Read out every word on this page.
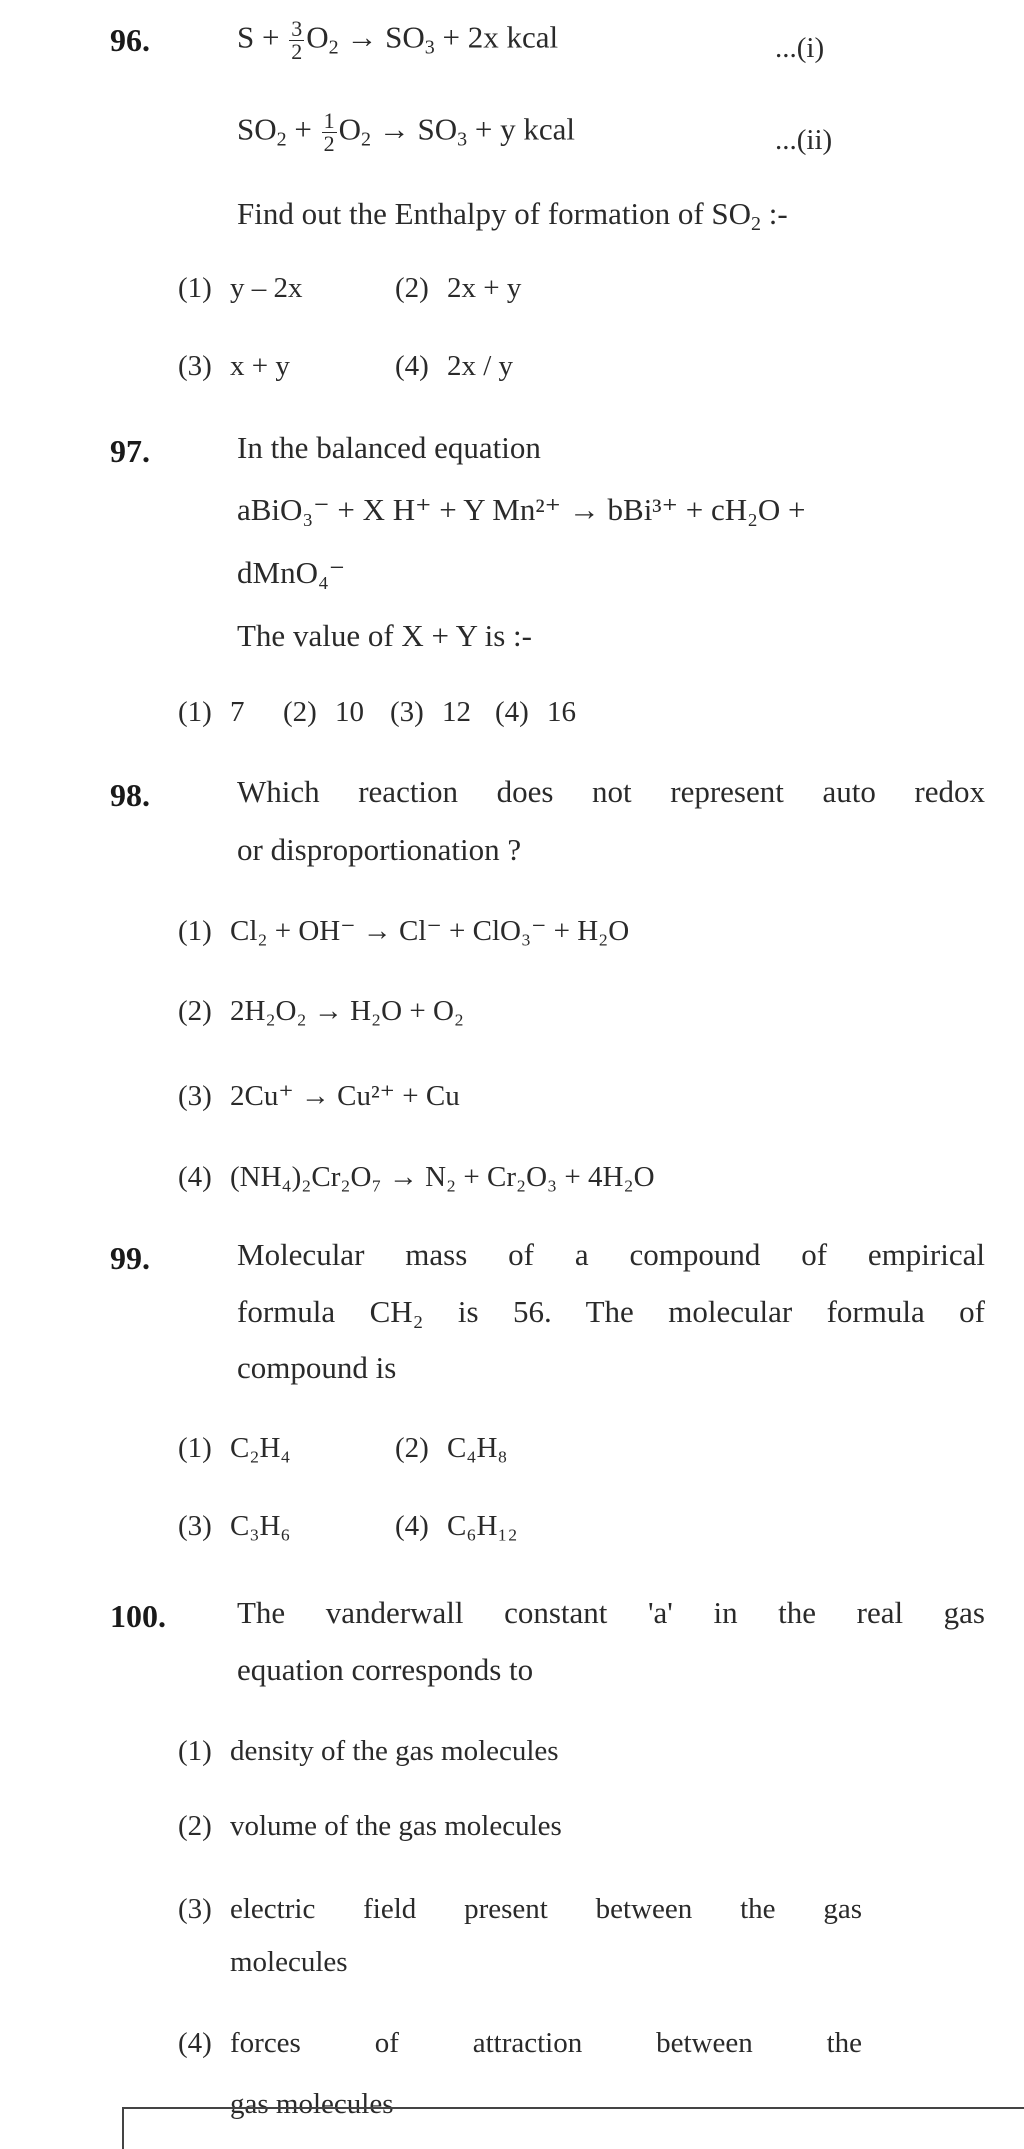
96.	$S + \frac{3}{2} O_2 \to SO_3 + 2x$ kcal	...(i)
$SO_2 + \frac{1}{2} O_2 \to SO_3 + y$ kcal	...(ii)
Find out the Enthalpy of formation of $SO_2$ :-
(1) y – 2x	(2) 2x + y
(3) x + y	(4) 2x / y
97.	In the balanced equation
aBiO₃⁻ + X H⁺ + Y Mn²⁺ → bBi³⁺ + cH₂O +
dMnO₄⁻
The value of X + Y is :-
(1) 7 (2) 10 (3) 12 (4) 16
98.	Which reaction does not represent auto redox
or disproportionation ?
(1) Cl₂ + OH⁻ → Cl⁻ + ClO₃⁻ + H₂O
(2) 2H₂O₂ → H₂O + O₂
(3) 2Cu⁺ → Cu²⁺ + Cu
(4) (NH₄)₂Cr₂O₇ → N₂ + Cr₂O₃ + 4H₂O
99.	Molecular mass of a compound of empirical
formula CH₂ is 56. The molecular formula of
compound is
(1) C₂H₄	(2) C₄H₈
(3) C₃H₆	(4) C₆H₁₂
100. The vanderwall constant 'a' in the real gas
equation corresponds to
(1) density of the gas molecules
(2) volume of the gas molecules
(3) electric field present between the gas
molecules
(4) forces of attraction between the
gas molecules
